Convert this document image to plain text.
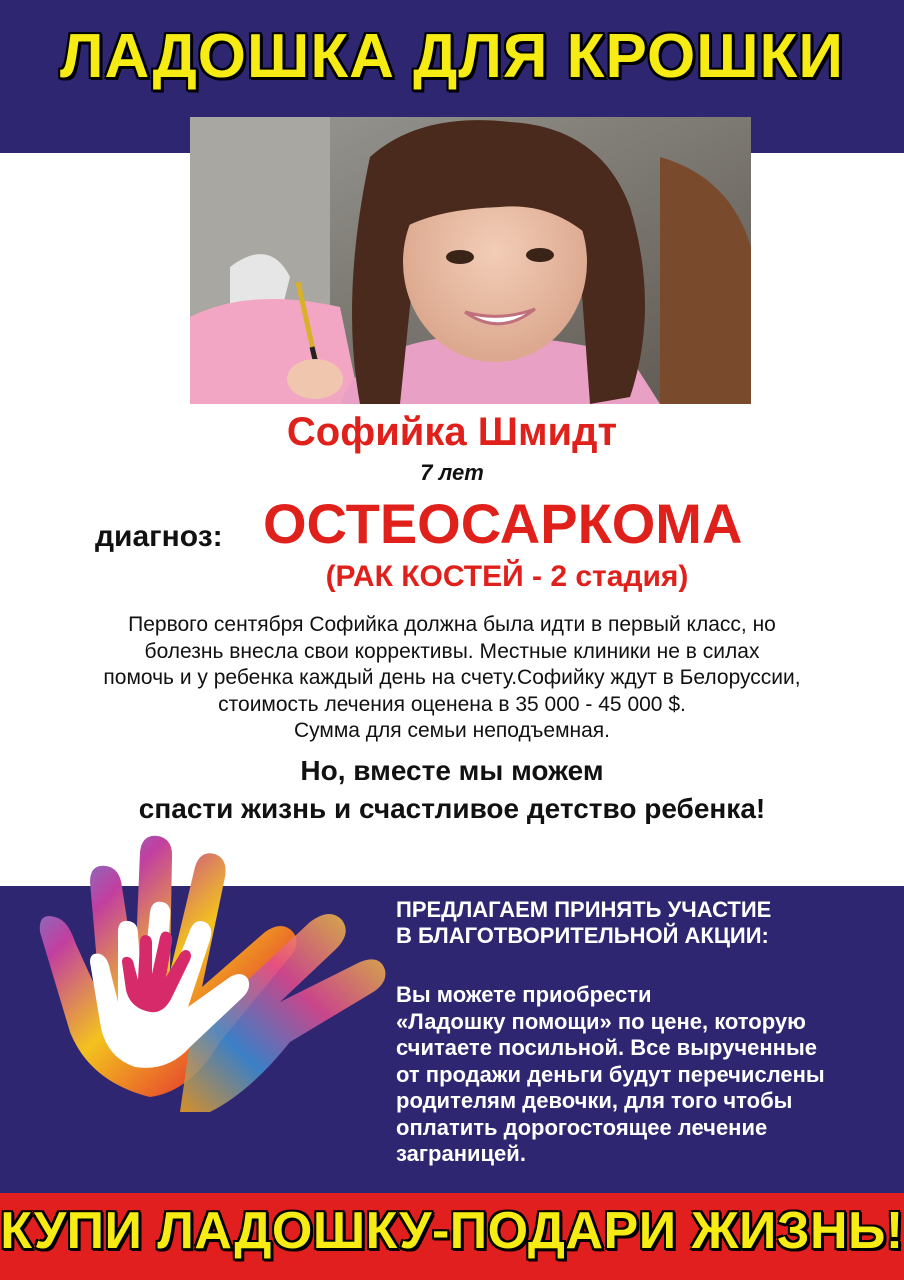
ЛАДОШКА ДЛЯ КРОШКИ
Софийка Шмидт
7 лет
диагноз: ОСТЕОСАРКОМА
(РАК КОСТЕЙ - 2 стадия)
Первого сентября Софийка должна была идти в первый класс, но
болезнь внесла свои коррективы. Местные клиники не в силах
помочь и у ребенка каждый день на счету.Софийку ждут в Белоруссии,
стоимость лечения оценена в 35 000 - 45 000 $.
Сумма для семьи неподъемная.
Но, вместе мы можем
спасти жизнь и счастливое детство ребенка!
ПРЕДЛАГАЕМ ПРИНЯТЬ УЧАСТИЕ
В БЛАГОТВОРИТЕЛЬНОЙ АКЦИИ:
Вы можете приобрести
«Ладошку помощи» по цене, которую
считаете посильной. Все вырученные
от продажи деньги будут перечислены
родителям девочки, для того чтобы
оплатить дорогостоящее лечение
заграницей.
КУПИ ЛАДОШКУ-ПОДАРИ ЖИЗНЬ!
